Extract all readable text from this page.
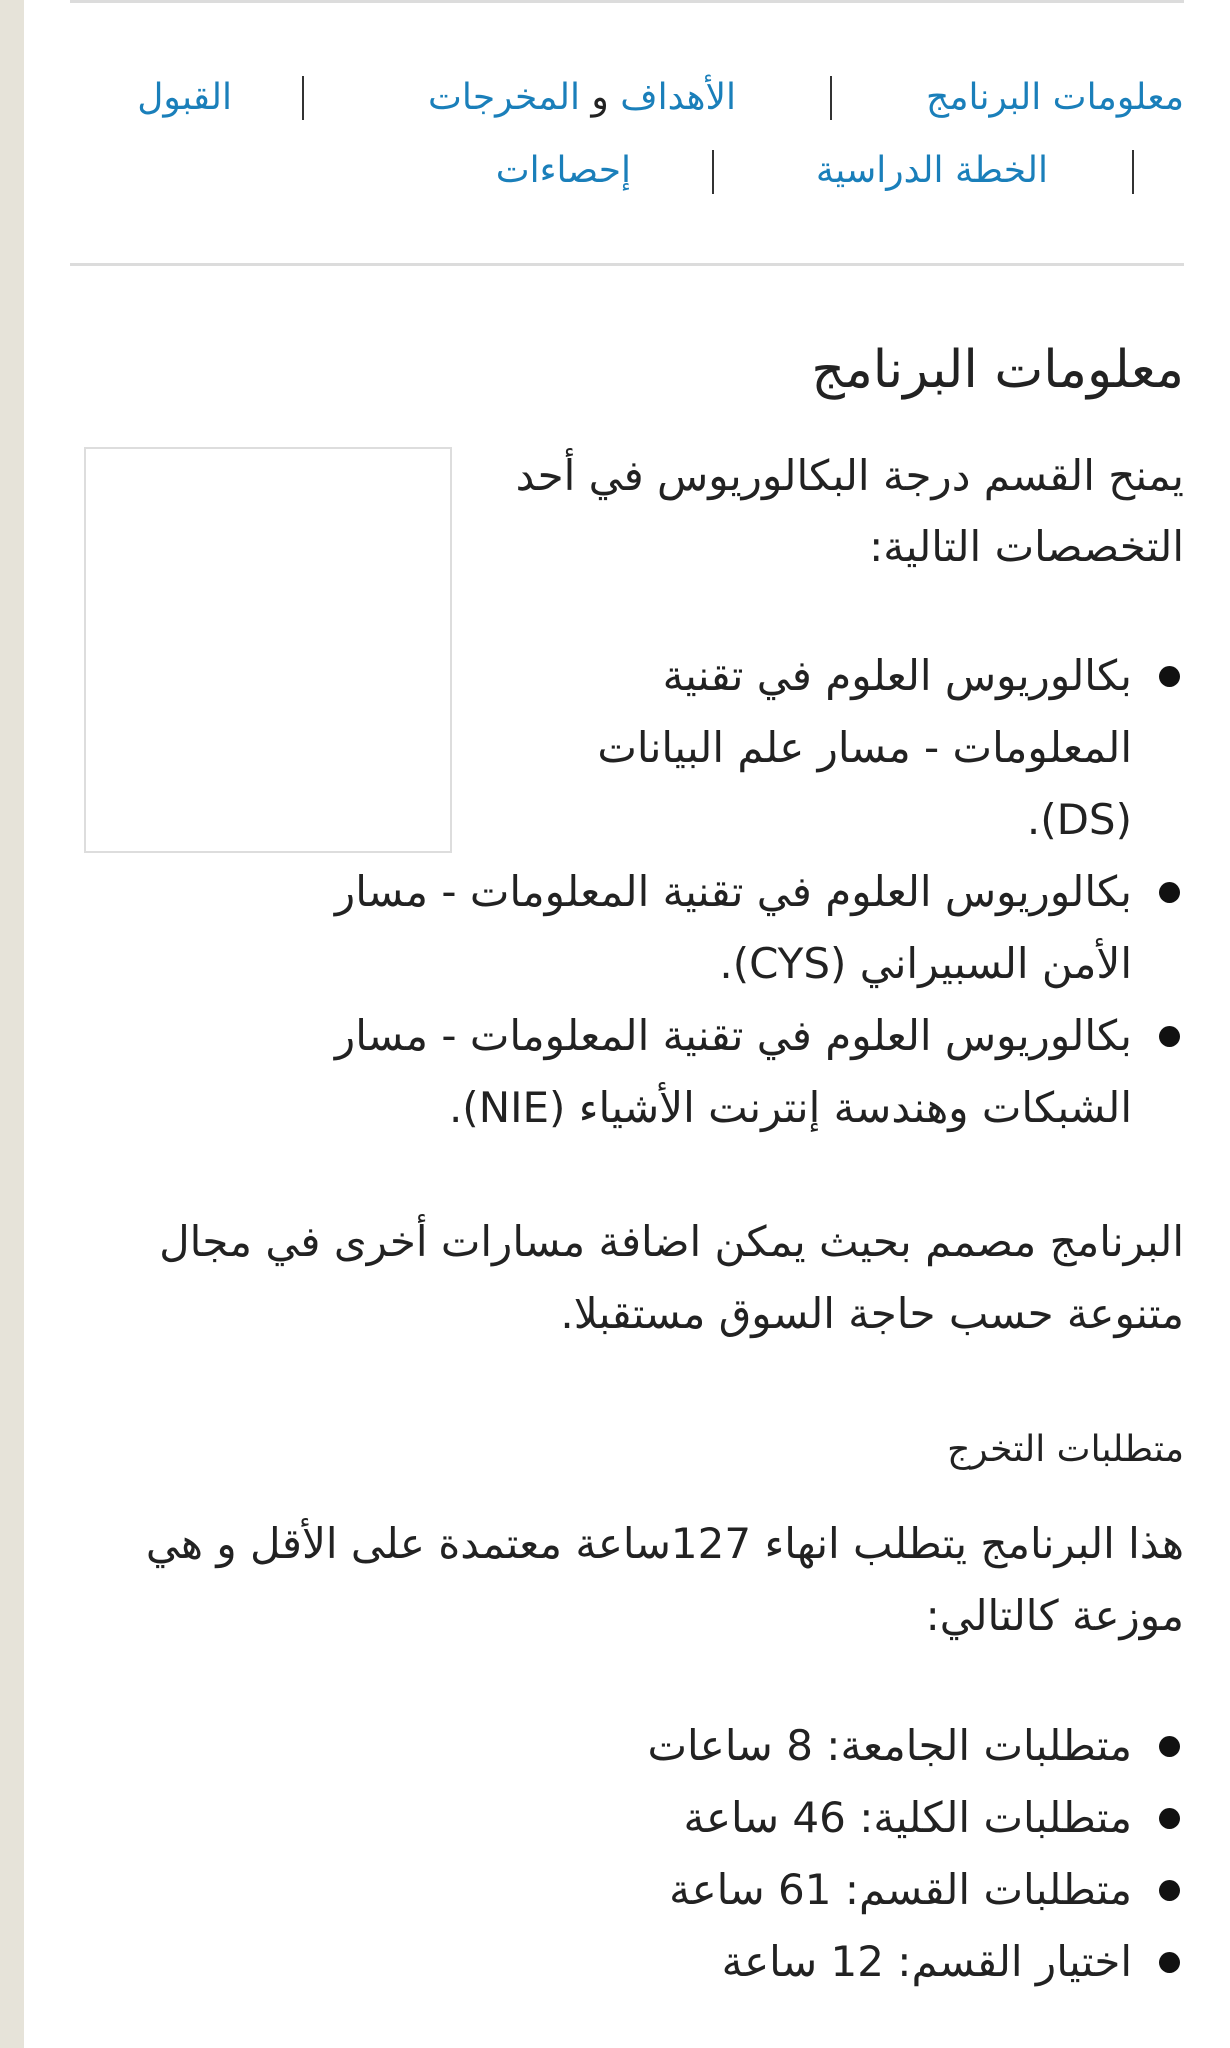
معلومات البرنامج
الأهداف و المخرجات
القبول
الخطة الدراسية
إحصاءات
معلومات البرنامج

يمنح القسم درجة البكالوريوس في أحد التخصصات التالية:

بكالوريوس العلوم في تقنية المعلومات - مسار علم البيانات (DS).
بكالوريوس العلوم في تقنية المعلومات - مسار الأمن السبيراني (CYS).
بكالوريوس العلوم في تقنية المعلومات - مسار الشبكات وهندسة إنترنت الأشياء (NIE).

البرنامج مصمم بحيث يمكن اضافة مسارات أخرى في مجال متنوعة حسب حاجة السوق مستقبلا.

متطلبات التخرج

هذا البرنامج يتطلب انهاء 127ساعة معتمدة على الأقل و هي موزعة كالتالي:

متطلبات الجامعة: 8 ساعات
متطلبات الكلية: 46 ساعة
متطلبات القسم: 61 ساعة
اختيار القسم: 12 ساعة
